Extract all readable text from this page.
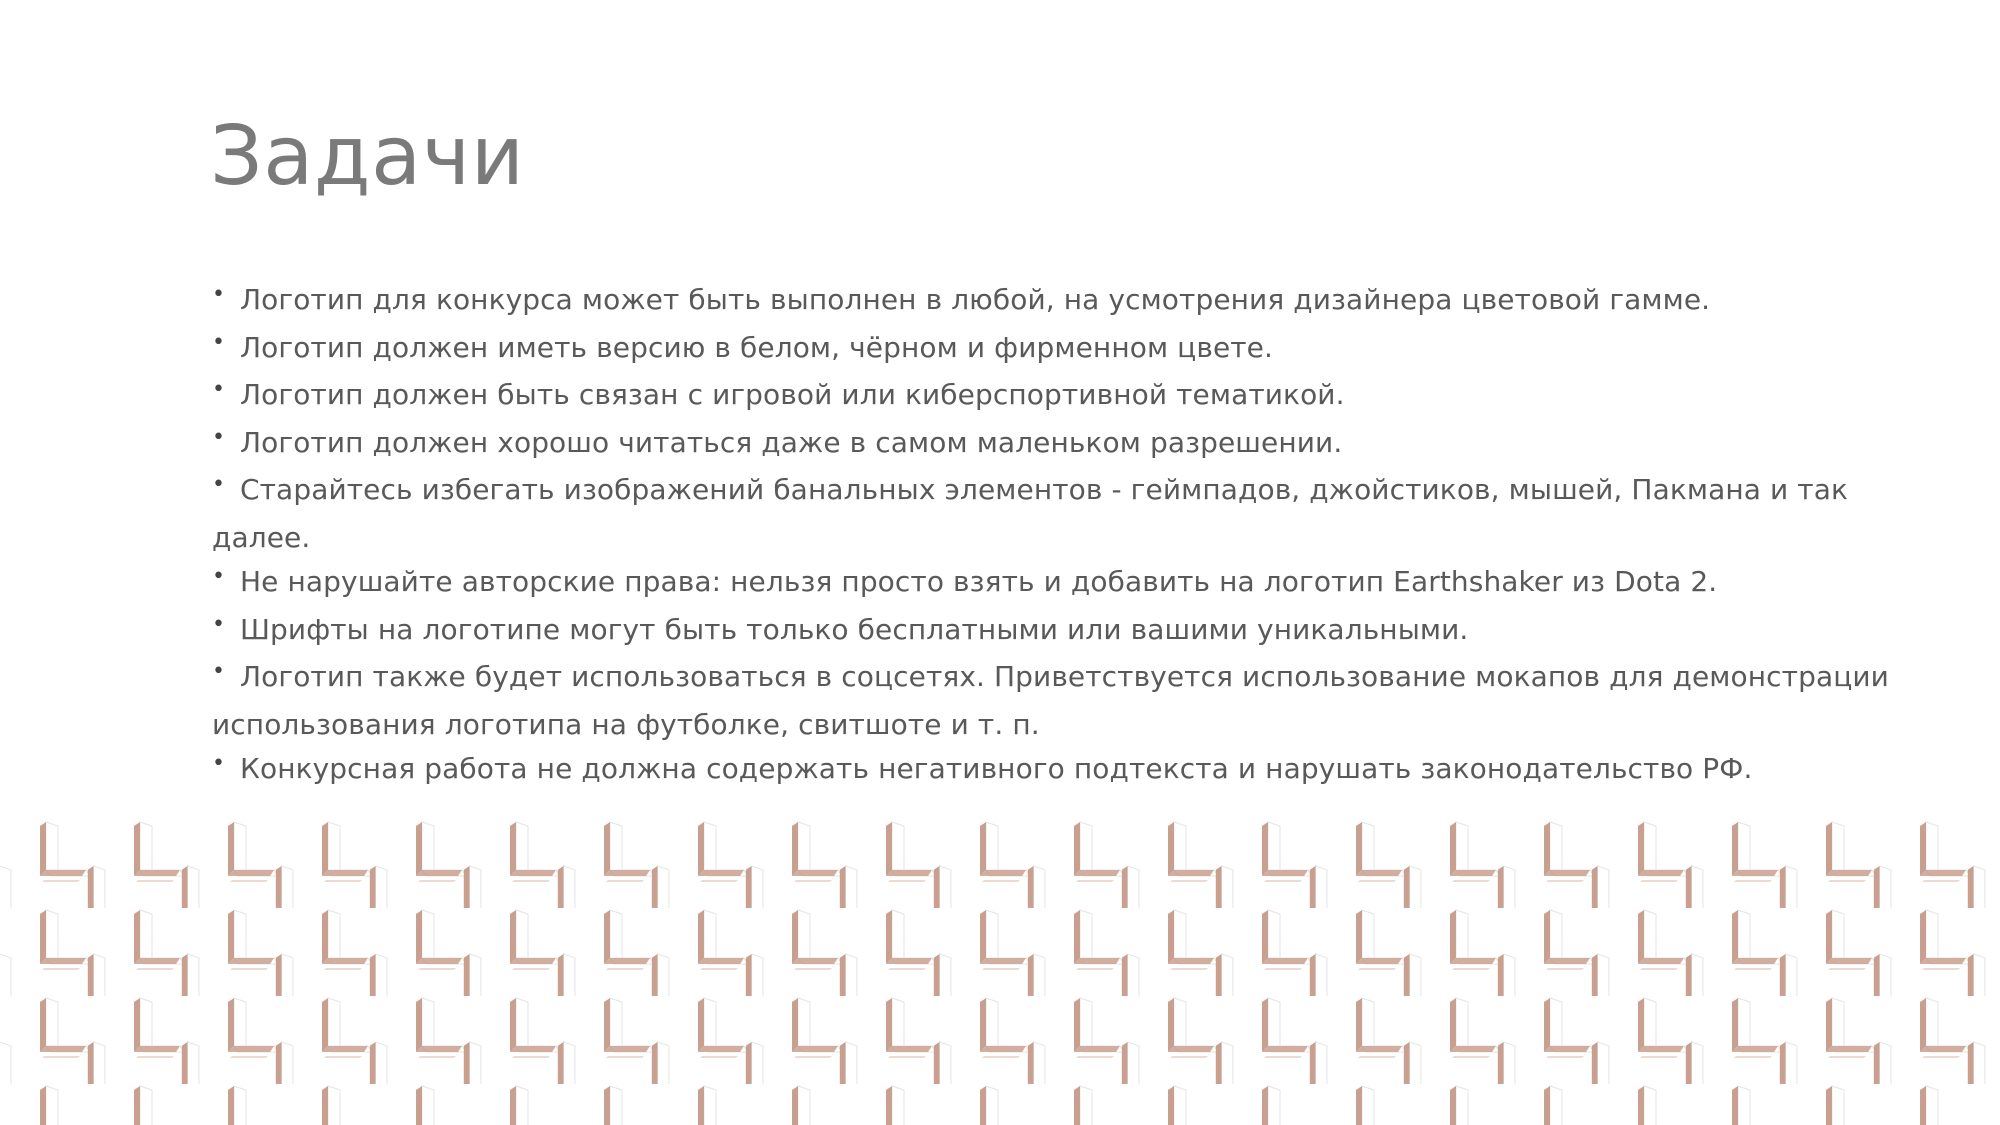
Задачи
• Логотип для конкурса может быть выполнен в любой, на усмотрения дизайнера цветовой гамме.
• Логотип должен иметь версию в белом, чёрном и фирменном цвете.
• Логотип должен быть связан с игровой или киберспортивной тематикой.
• Логотип должен хорошо читаться даже в самом маленьком разрешении.
• Старайтесь избегать изображений банальных элементов - геймпадов, джойстиков, мышей, Пакмана и так далее.
• Не нарушайте авторские права: нельзя просто взять и добавить на логотип Earthshaker из Dota 2.
• Шрифты на логотипе могут быть только бесплатными или вашими уникальными.
• Логотип также будет использоваться в соцсетях. Приветствуется использование мокапов для демонстрации использования логотипа на футболке, свитшоте и т. п.
• Конкурсная работа не должна содержать негативного подтекста и нарушать законодательство РФ.
